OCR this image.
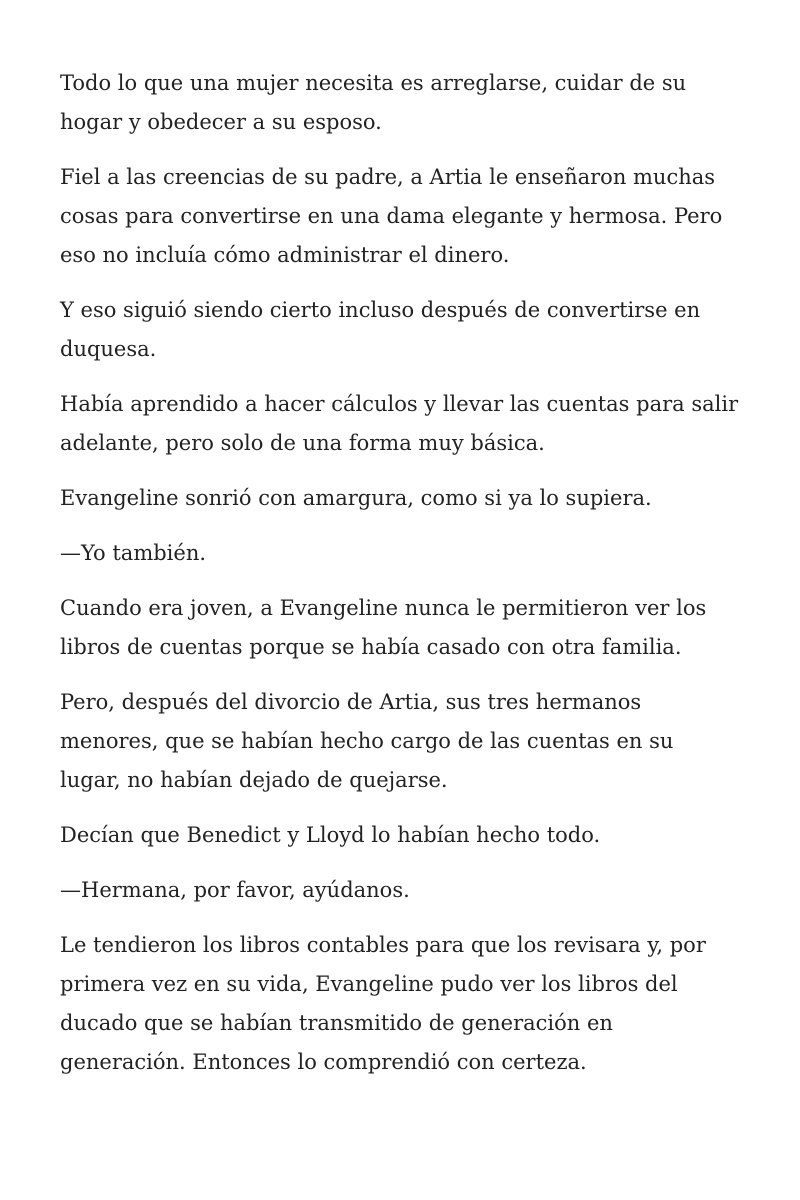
Todo lo que una mujer necesita es arreglarse, cuidar de su hogar y obedecer a su esposo.

Fiel a las creencias de su padre, a Artia le enseñaron muchas cosas para convertirse en una dama elegante y hermosa. Pero eso no incluía cómo administrar el dinero.

Y eso siguió siendo cierto incluso después de convertirse en duquesa.

Había aprendido a hacer cálculos y llevar las cuentas para salir adelante, pero solo de una forma muy básica.

Evangeline sonrió con amargura, como si ya lo supiera.

—Yo también.

Cuando era joven, a Evangeline nunca le permitieron ver los libros de cuentas porque se había casado con otra familia.

Pero, después del divorcio de Artia, sus tres hermanos menores, que se habían hecho cargo de las cuentas en su lugar, no habían dejado de quejarse.

Decían que Benedict y Lloyd lo habían hecho todo.

—Hermana, por favor, ayúdanos.

Le tendieron los libros contables para que los revisara y, por primera vez en su vida, Evangeline pudo ver los libros del ducado que se habían transmitido de generación en generación. Entonces lo comprendió con certeza.
